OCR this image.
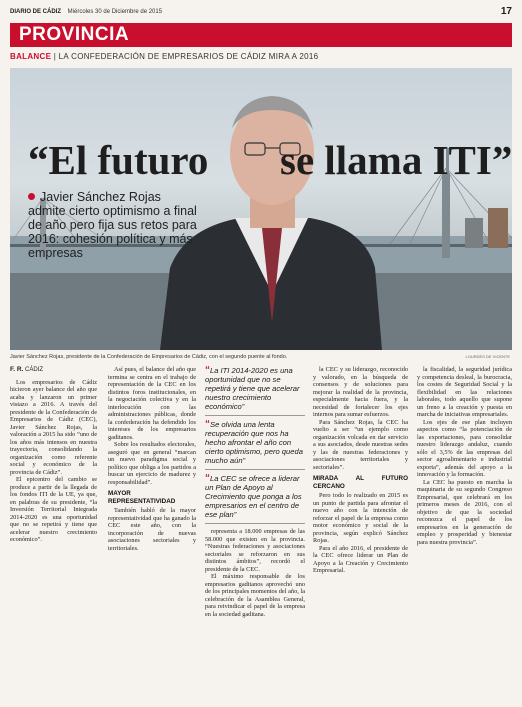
DIARIO DE CÁDIZ Miércoles 30 de Diciembre de 2015	17
PROVINCIA
BALANCE | LA CONFEDERACIÓN DE EMPRESARIOS DE CÁDIZ MIRA A 2016
“El futuro se llama ITI”
Javier Sánchez Rojas admite cierto optimismo a final de año pero fija sus retos para 2016: cohesión política y más empresas
Javier Sánchez Rojas, presidente de la Confederación de Empresarios de Cádiz, con el segundo puente al fondo.	LOURDES DE VICENTE
F. R. CÁDIZ

Los empresarios de Cádiz hicieron ayer balance del año que acaba y lanzaron un primer vistazo a 2016. A través del presidente de la Confederación de Empresarios de Cádiz (CEC), Javier Sánchez Rojas, la valoración a 2015 ha sido “uno de los años más intensos en nuestra trayectoria, consolidando la organización como referente social y económico de la provincia de Cádiz”.

El epicentro del cambio se produce a partir de la llegada de los fondos ITI de la UE, ya que, en palabras de su presidente, “la Inversión Territorial Integrada 2014-2020 es una oportunidad que no se repetirá y tiene que acelerar nuestro crecimiento económico”.

Así pues, el balance del año que termina se centra en el trabajo de representación de la CEC en los distintos foros institucionales, en la negociación colectiva y en la interlocución con las administraciones públicas, donde la confederación ha defendido los intereses de los empresarios gaditanos.

Sobre los resultados electorales, aseguró que en general “marcan un nuevo paradigma social y político que obliga a los partidos a buscar un ejercicio de madurez y responsabilidad”.

MAYOR REPRESENTATIVIDAD

También habló de la mayor representatividad que ha ganado la CEC este año, con la incorporación de nuevas asociaciones sectoriales y territoriales.

“La ITI 2014-2020 es una oportunidad que no se repetirá y tiene que acelerar nuestro crecimiento económico”
“Se olvida una lenta recuperación que nos ha hecho afrontar el año con cierto optimismo, pero queda mucho aún”
“La CEC se ofrece a liderar un Plan de Apoyo al Crecimiento que ponga a los empresarios en el centro de ese plan”

representa a 18.000 empresas de las 58.000 que existen en la provincia. “Nuestras federaciones y asociaciones sectoriales se reforzaron en sus distintos ámbitos”, recordó el presidente de la CEC.

El máximo responsable de los empresarios gaditanos aprovechó uno de los principales momentos del año, la celebración de la Asamblea General, para reivindicar el papel de la empresa en la sociedad gaditana.

la CEC y su liderazgo, reconocido y valorado, en la búsqueda de consensos y de soluciones para mejorar la realidad de la provincia, especialmente hacia fuera, y la necesidad de fortalecer los ejes internos para sumar esfuerzos.

Para Sánchez Rojas, la CEC ha vuelto a ser “un ejemplo como organización volcada en dar servicio a sus asociados, desde nuestras sedes y las de nuestras federaciones y asociaciones territoriales y sectoriales”.

MIRADA AL FUTURO CERCANO

Pero todo lo realizado en 2015 es un punto de partida para afrontar el nuevo año con la intención de reforzar el papel de la empresa como motor económico y social de la provincia, según explicó Sánchez Rojas.

Para el año 2016, el presidente de la CEC ofrece liderar un Plan de Apoyo a la Creación y Crecimiento Empresarial.

la fiscalidad, la seguridad jurídica y competencia desleal, la burocracia, los costes de Seguridad Social y la flexibilidad en las relaciones laborales, todo aquello que supone un freno a la creación y puesta en marcha de iniciativas empresariales.

Los ejes de ese plan incluyen aspectos como “la potenciación de las exportaciones, para consolidar nuestro liderazgo andaluz, cuando sólo el 3,5% de las empresas del sector agroalimentario e industrial exporta”, además del apoyo a la innovación y la formación.

La CEC ha puesto en marcha la maquinaria de su segundo Congreso Empresarial, que celebrará en los primeros meses de 2016, con el objetivo de que la sociedad reconozca el papel de los empresarios en la generación de empleo y prosperidad y bienestar para nuestra provincia”.
